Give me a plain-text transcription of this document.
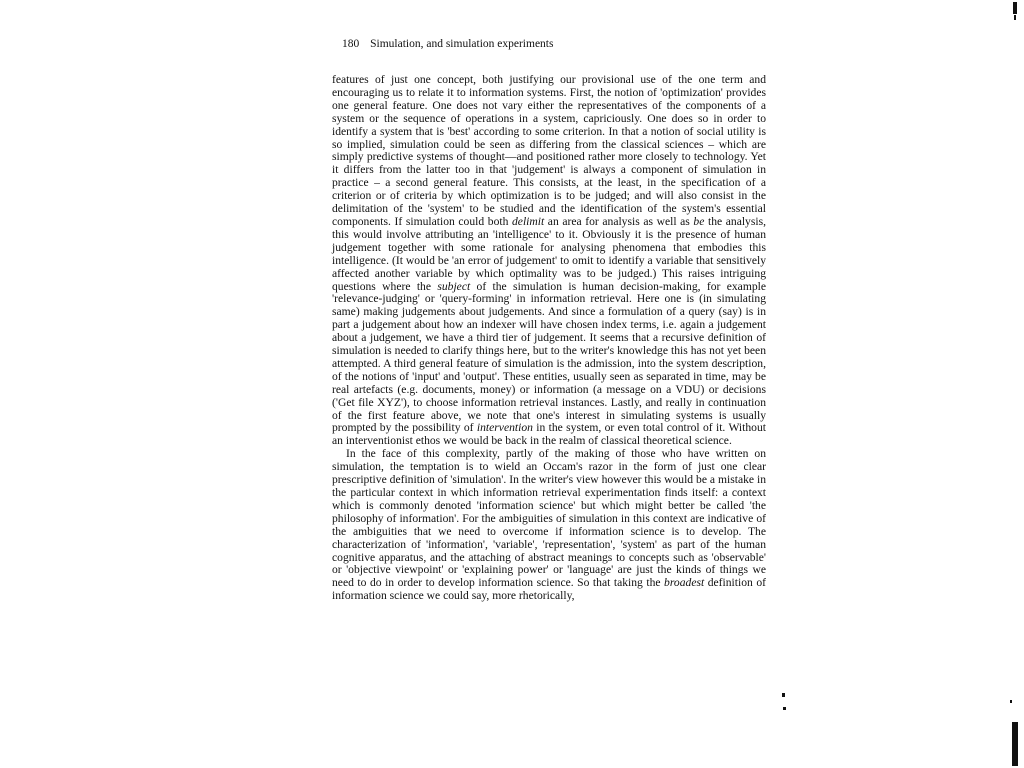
180 Simulation, and simulation experiments

features of just one concept, both justifying our provisional use of the one term and encouraging us to relate it to information systems. First, the notion of 'optimization' provides one general feature. One does not vary either the representatives of the components of a system or the sequence of operations in a system, capriciously. One does so in order to identify a system that is 'best' according to some criterion. In that a notion of social utility is so implied, simulation could be seen as differing from the classical sciences – which are simply predictive systems of thought—and positioned rather more closely to technology. Yet it differs from the latter too in that 'judgement' is always a component of simulation in practice – a second general feature. This consists, at the least, in the specification of a criterion or of criteria by which optimization is to be judged; and will also consist in the delimitation of the 'system' to be studied and the identification of the system's essential components. If simulation could both delimit an area for analysis as well as be the analysis, this would involve attributing an 'intelligence' to it. Obviously it is the presence of human judgement together with some rationale for analysing phenomena that embodies this intelligence. (It would be 'an error of judgement' to omit to identify a variable that sensitively affected another variable by which optimality was to be judged.) This raises intriguing questions where the subject of the simulation is human decision-making, for example 'relevance-judging' or 'query-forming' in information retrieval. Here one is (in simulating same) making judgements about judgements. And since a formulation of a query (say) is in part a judgement about how an indexer will have chosen index terms, i.e. again a judgement about a judgement, we have a third tier of judgement. It seems that a recursive definition of simulation is needed to clarify things here, but to the writer's knowledge this has not yet been attempted. A third general feature of simulation is the admission, into the system description, of the notions of 'input' and 'output'. These entities, usually seen as separated in time, may be real artefacts (e.g. documents, money) or information (a message on a VDU) or decisions ('Get file XYZ'), to choose information retrieval instances. Lastly, and really in continuation of the first feature above, we note that one's interest in simulating systems is usually prompted by the possibility of intervention in the system, or even total control of it. Without an interventionist ethos we would be back in the realm of classical theoretical science.

In the face of this complexity, partly of the making of those who have written on simulation, the temptation is to wield an Occam's razor in the form of just one clear prescriptive definition of 'simulation'. In the writer's view however this would be a mistake in the particular context in which information retrieval experimentation finds itself: a context which is commonly denoted 'information science' but which might better be called 'the philosophy of information'. For the ambiguities of simulation in this context are indicative of the ambiguities that we need to overcome if information science is to develop. The characterization of 'information', 'variable', 'representation', 'system' as part of the human cognitive apparatus, and the attaching of abstract meanings to concepts such as 'observable' or 'objective viewpoint' or 'explaining power' or 'language' are just the kinds of things we need to do in order to develop information science. So that taking the broadest definition of information science we could say, more rhetorically,
